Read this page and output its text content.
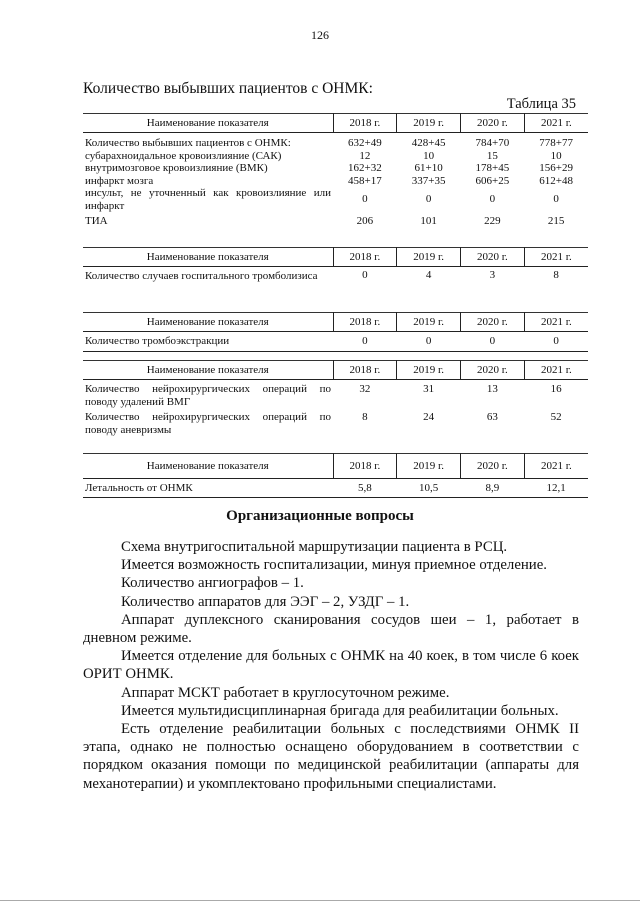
126
Количество выбывших пациентов с ОНМК:
Таблица 35
Наименование показателя	2018 г.	2019 г.	2020 г.	2021 г.
Количество выбывших пациентов с ОНМК:	632+49	428+45	784+70	778+77
субарахноидальное кровоизлияние (САК)	12	10	15	10
внутримозговое кровоизлияние (ВМК)	162+32	61+10	178+45	156+29
инфаркт мозга	458+17	337+35	606+25	612+48
инсульт, не уточненный как кровоизлияние или инфаркт	0	0	0	0
ТИА	206	101	229	215
Наименование показателя	2018 г.	2019 г.	2020 г.	2021 г.
Количество случаев госпитального тромболизиса	0	4	3	8
Наименование показателя	2018 г.	2019 г.	2020 г.	2021 г.
Количество тромбоэкстракции	0	0	0	0
Наименование показателя	2018 г.	2019 г.	2020 г.	2021 г.
Количество нейрохирургических операций по поводу удалений ВМГ	32	31	13	16
Количество нейрохирургических операций по поводу аневризмы	8	24	63	52
Наименование показателя	2018 г.	2019 г.	2020 г.	2021 г.
Летальность от ОНМК	5,8	10,5	8,9	12,1
Организационные вопросы

Схема внутригоспитальной маршрутизации пациента в РСЦ.

Имеется возможность госпитализации, минуя приемное отделение.

Количество ангиографов – 1.

Количество аппаратов для ЭЭГ – 2, УЗДГ – 1.

Аппарат дуплексного сканирования сосудов шеи – 1, работает в дневном режиме.

Имеется отделение для больных с ОНМК на 40 коек, в том числе 6 коек ОРИТ ОНМК.

Аппарат МСКТ работает в круглосуточном режиме.

Имеется мультидисциплинарная бригада для реабилитации больных.

Есть отделение реабилитации больных с последствиями ОНМК II этапа, однако не полностью оснащено оборудованием в соответствии с порядком оказания помощи по медицинской реабилитации (аппараты для механотерапии) и укомплектовано профильными специалистами.
